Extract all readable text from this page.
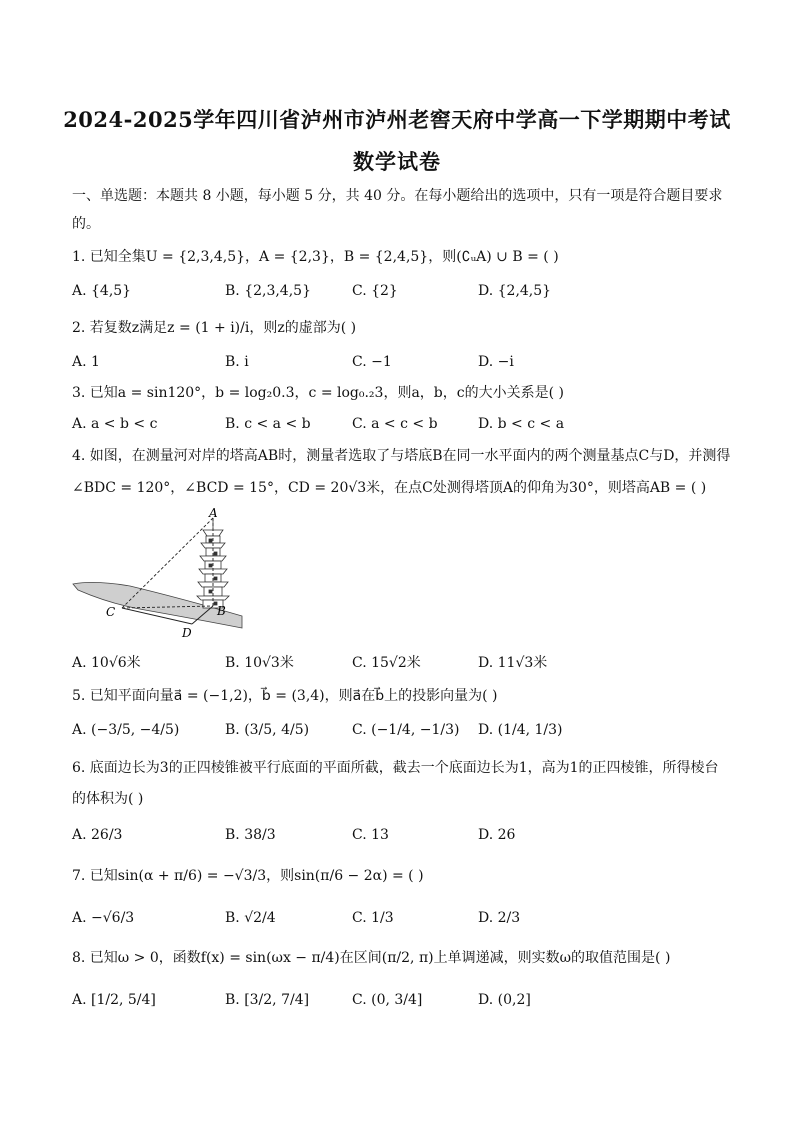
2024-2025学年四川省泸州市泸州老窖天府中学高一下学期期中考试
数学试卷
一、单选题：本题共 8 小题，每小题 5 分，共 40 分。在每小题给出的选项中，只有一项是符合题目要求
的。
1. 已知全集U = {2,3,4,5}，A = {2,3}，B = {2,4,5}，则(∁ᵤA) ∪ B = ( )
A. {4,5}	B. {2,3,4,5}	C. {2}	D. {2,4,5}
2. 若复数z满足z = (1 + i)/i，则z的虚部为( )
A. 1	B. i	C. −1	D. −i
3. 已知a = sin120°，b = log₂0.3，c = log₀.₂3，则a，b，c的大小关系是( )
A. a < b < c	B. c < a < b	C. a < c < b	D. b < c < a
4. 如图，在测量河对岸的塔高AB时，测量者选取了与塔底B在同一水平面内的两个测量基点C与D，并测得
∠BDC = 120°，∠BCD = 15°，CD = 20√3米，在点C处测得塔顶A的仰角为30°，则塔高AB = ( )
A
B
C
D
A. 10√6米	B. 10√3米	C. 15√2米	D. 11√3米
5. 已知平面向量a⃗ = (−1,2)，b⃗ = (3,4)，则a⃗在b⃗上的投影向量为( )
A. (−3/5, −4/5)	B. (3/5, 4/5)	C. (−1/4, −1/3) D. (1/4, 1/3)
6. 底面边长为3的正四棱锥被平行底面的平面所截，截去一个底面边长为1，高为1的正四棱锥，所得棱台
的体积为( )
A. 26/3	B. 38/3	C. 13	D. 26
7. 已知sin(α + π/6) = −√3/3，则sin(π/6 − 2α) = ( )
A. −√6/3	B. √2/4	C. 1/3	D. 2/3
8. 已知ω > 0，函数f(x) = sin(ωx − π/4)在区间(π/2, π)上单调递减，则实数ω的取值范围是( )
A. [1/2, 5/4]	B. [3/2, 7/4]	C. (0, 3/4]	D. (0,2]
